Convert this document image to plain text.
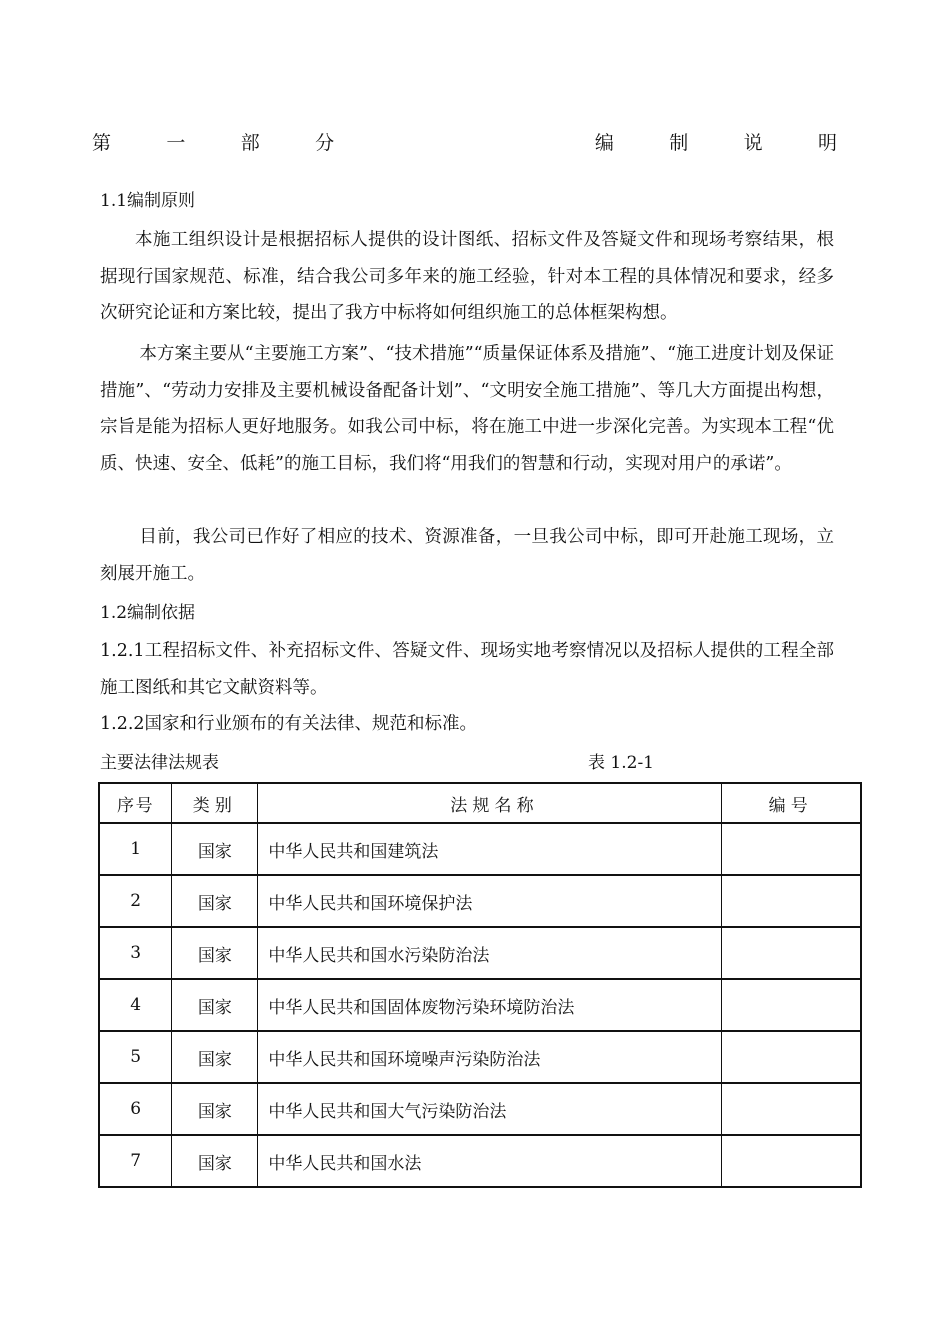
第	一	部	分	编	制	说	明
1.1编制原则
本施工组织设计是根据招标人提供的设计图纸、招标文件及答疑文件和现场考察结果，根据现行国家规范、标准，结合我公司多年来的施工经验，针对本工程的具体情况和要求，经多次研究论证和方案比较，提出了我方中标将如何组织施工的总体框架构想。
本方案主要从“主要施工方案”、“技术措施”“质量保证体系及措施”、“施工进度计划及保证措施”、“劳动力安排及主要机械设备配备计划”、“文明安全施工措施”、等几大方面提出构想，宗旨是能为招标人更好地服务。如我公司中标，将在施工中进一步深化完善。为实现本工程“优质、快速、安全、低耗”的施工目标，我们将“用我们的智慧和行动，实现对用户的承诺”。
目前，我公司已作好了相应的技术、资源准备，一旦我公司中标，即可开赴施工现场，立刻展开施工。
1.2编制依据
1.2.1工程招标文件、补充招标文件、答疑文件、现场实地考察情况以及招标人提供的工程全部施工图纸和其它文献资料等。
1.2.2国家和行业颁布的有关法律、规范和标准。
主要法律法规表	表 1.2-1
序号	类别	法规名称	编号
1	国家	中华人民共和国建筑法	
2	国家	中华人民共和国环境保护法	
3	国家	中华人民共和国水污染防治法	
4	国家	中华人民共和国固体废物污染环境防治法	
5	国家	中华人民共和国环境噪声污染防治法	
6	国家	中华人民共和国大气污染防治法	
7	国家	中华人民共和国水法	
